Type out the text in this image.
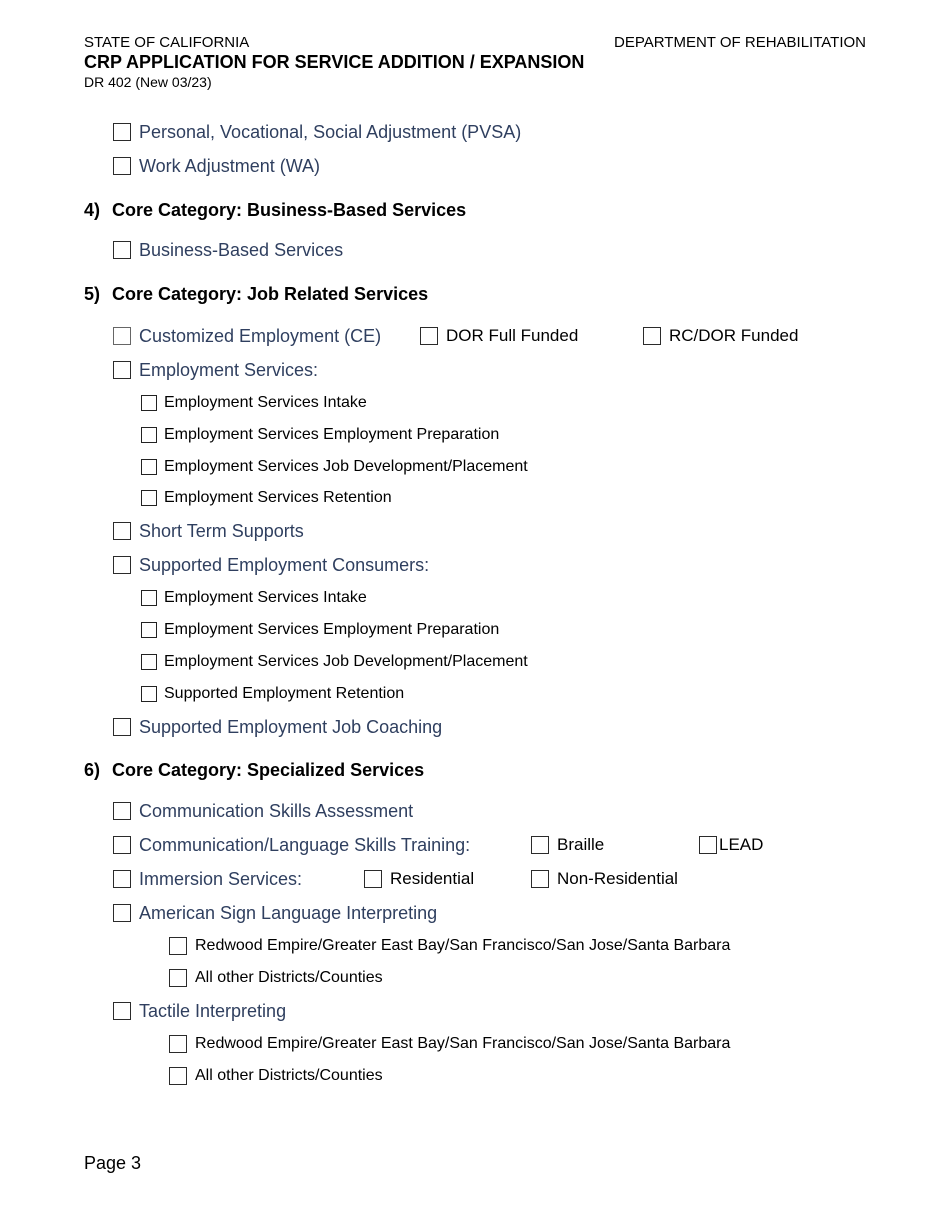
STATE OF CALIFORNIA	DEPARTMENT OF REHABILITATION
CRP APPLICATION FOR SERVICE ADDITION / EXPANSION
DR 402 (New 03/23)
Personal, Vocational, Social Adjustment (PVSA)
Work Adjustment (WA)
4) Core Category: Business-Based Services
Business-Based Services
5) Core Category: Job Related Services
Customized Employment (CE)	DOR Full Funded	RC/DOR Funded
Employment Services:
Employment Services Intake
Employment Services Employment Preparation
Employment Services Job Development/Placement
Employment Services Retention
Short Term Supports
Supported Employment Consumers:
Employment Services Intake
Employment Services Employment Preparation
Employment Services Job Development/Placement
Supported Employment Retention
Supported Employment Job Coaching
6) Core Category: Specialized Services
Communication Skills Assessment
Communication/Language Skills Training:	Braille	LEAD
Immersion Services:	Residential	Non-Residential
American Sign Language Interpreting
Redwood Empire/Greater East Bay/San Francisco/San Jose/Santa Barbara
All other Districts/Counties
Tactile Interpreting
Redwood Empire/Greater East Bay/San Francisco/San Jose/Santa Barbara
All other Districts/Counties
Page 3
